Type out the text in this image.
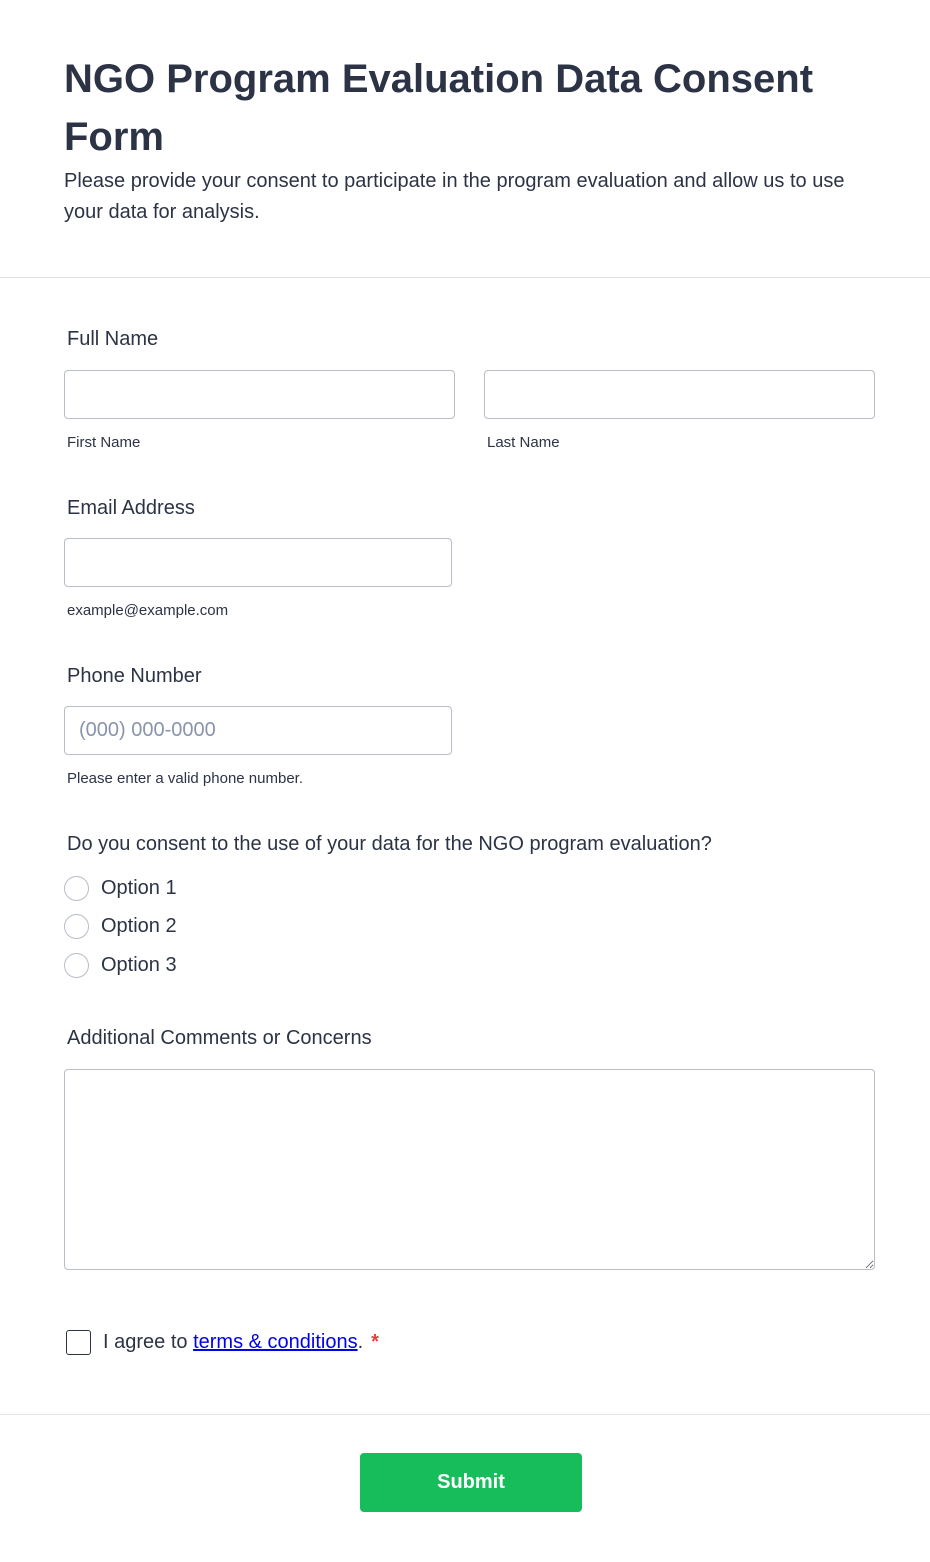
NGO Program Evaluation Data Consent Form

Please provide your consent to participate in the program evaluation and allow us to use your data for analysis.

Full Name
First Name	Last Name
Email Address
example@example.com
Phone Number
(000) 000-0000
Please enter a valid phone number.
Do you consent to the use of your data for the NGO program evaluation?
Option 1
Option 2
Option 3
Additional Comments or Concerns
I agree to terms & conditions. *
Submit
